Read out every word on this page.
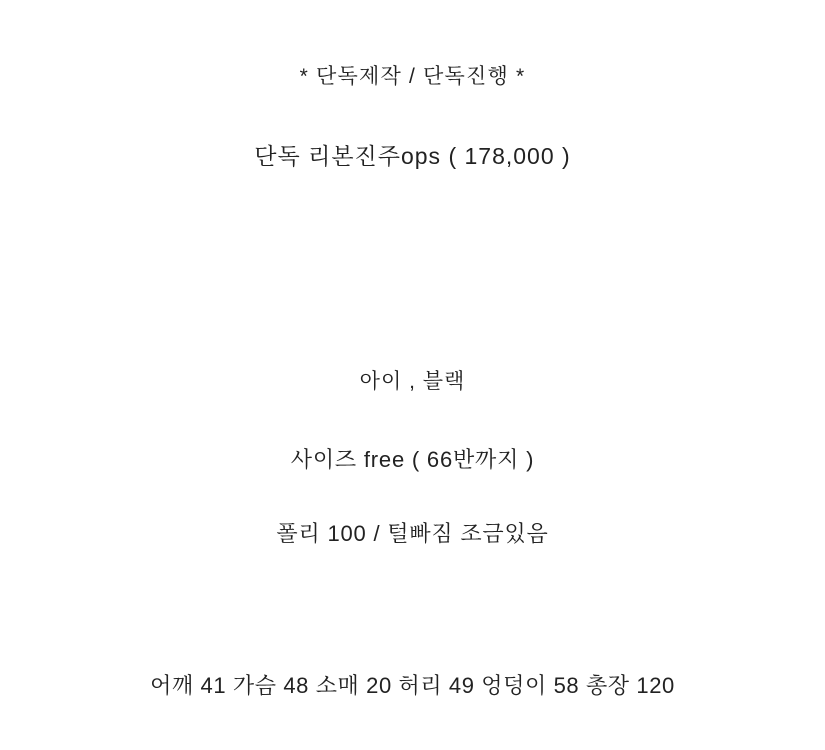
* 단독제작 / 단독진행 *
단독 리본진주ops ( 178,000 )
아이 , 블랙
사이즈 free ( 66반까지 )
폴리 100 / 털빠짐 조금있음
어깨 41 가슴 48 소매 20 허리 49 엉덩이 58 총장 120
